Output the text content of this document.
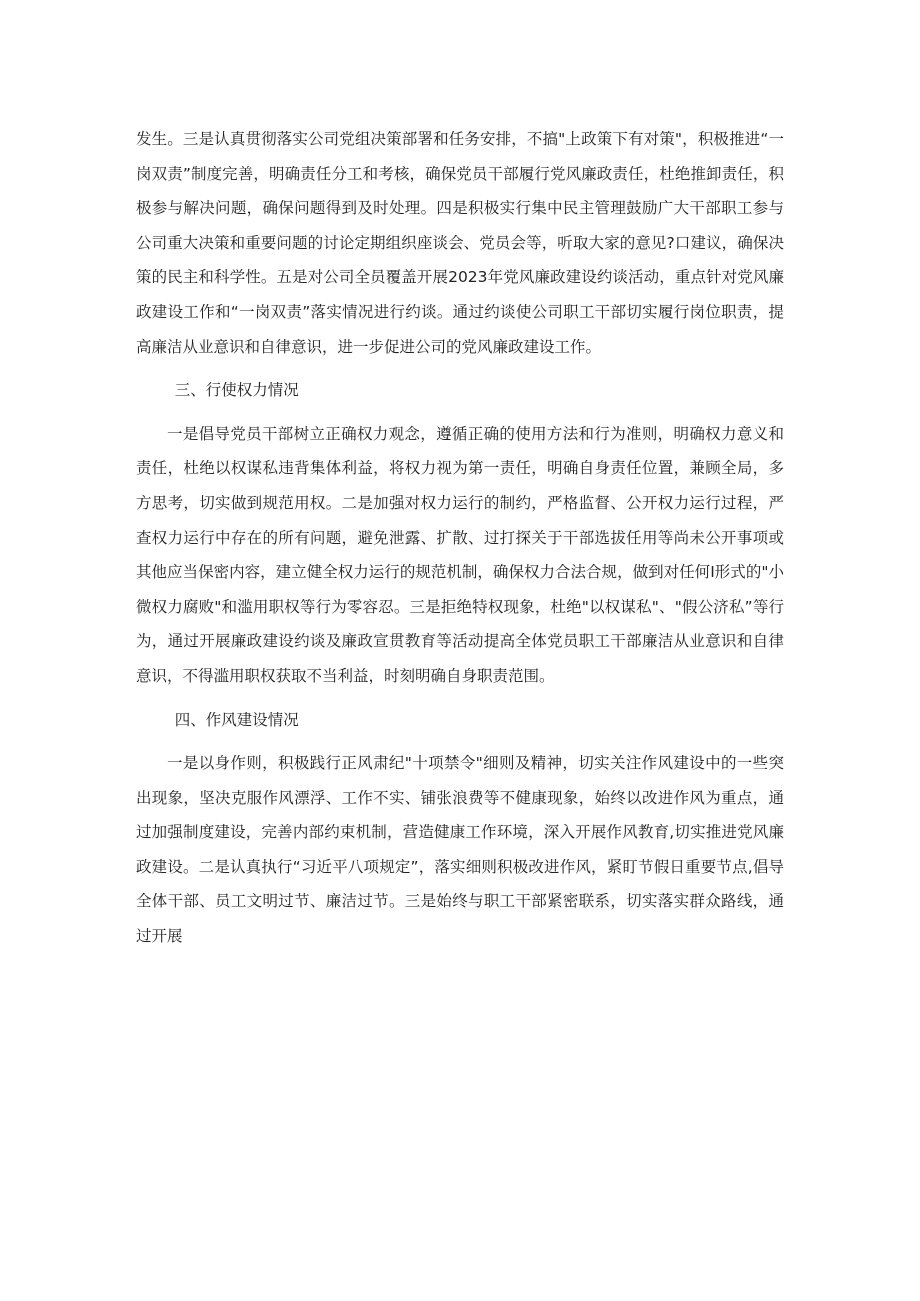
发生。三是认真贯彻落实公司党组决策部署和任务安排，不搞"上政策下有对策"，积极推进“一岗双责”制度完善，明确责任分工和考核，确保党员干部履行党风廉政责任，杜绝推卸责任，积极参与解决问题，确保问题得到及时处理。四是积极实行集中民主管理鼓励广大干部职工参与公司重大决策和重要问题的讨论定期组织座谈会、党员会等，听取大家的意见?口建议，确保决策的民主和科学性。五是对公司全员覆盖开展2023年党风廉政建设约谈活动，重点针对党风廉政建设工作和“一岗双责”落实情况进行约谈。通过约谈使公司职工干部切实履行岗位职责，提高廉洁从业意识和自律意识，进一步促进公司的党风廉政建设工作。

三、行使权力情况

一是倡导党员干部树立正确权力观念，遵循正确的使用方法和行为准则，明确权力意义和责任，杜绝以权谋私违背集体利益，将权力视为第一责任，明确自身责任位置，兼顾全局，多方思考，切实做到规范用权。二是加强对权力运行的制约，严格监督、公开权力运行过程，严查权力运行中存在的所有问题，避免泄露、扩散、过打探关于干部选拔任用等尚未公开事项或其他应当保密内容，建立健全权力运行的规范机制，确保权力合法合规，做到对任何Ⅰ形式的"小微权力腐败"和滥用职权等行为零容忍。三是拒绝特权现象，杜绝"以权谋私"、"假公济私”等行为，通过开展廉政建设约谈及廉政宣贯教育等活动提高全体党员职工干部廉洁从业意识和自律意识，不得滥用职权获取不当利益，时刻明确自身职责范围。

四、作风建设情况

一是以身作则，积极践行正风肃纪"十项禁令"细则及精神，切实关注作风建设中的一些突出现象，坚决克服作风漂浮、工作不实、铺张浪费等不健康现象，始终以改进作风为重点，通过加强制度建设，完善内部约束机制，营造健康工作环境，深入开展作风教育,切实推进党风廉政建设。二是认真执行“习近平八项规定”，落实细则积极改进作风，紧盯节假日重要节点,倡导全体干部、员工文明过节、廉洁过节。三是始终与职工干部紧密联系，切实落实群众路线，通过开展
